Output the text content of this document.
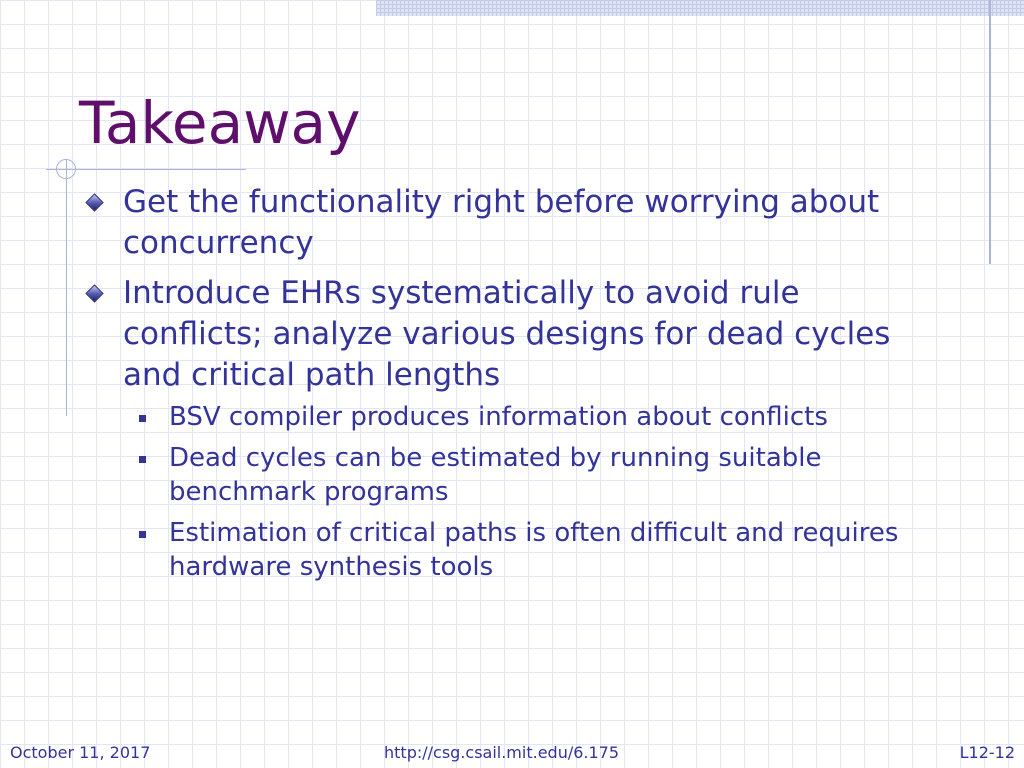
Takeaway
Get the functionality right before worrying about concurrency
Introduce EHRs systematically to avoid rule conflicts; analyze various designs for dead cycles and critical path lengths
BSV compiler produces information about conflicts
Dead cycles can be estimated by running suitable benchmark programs
Estimation of critical paths is often difficult and requires hardware synthesis tools
October 11, 2017	http://csg.csail.mit.edu/6.175	L12-12
